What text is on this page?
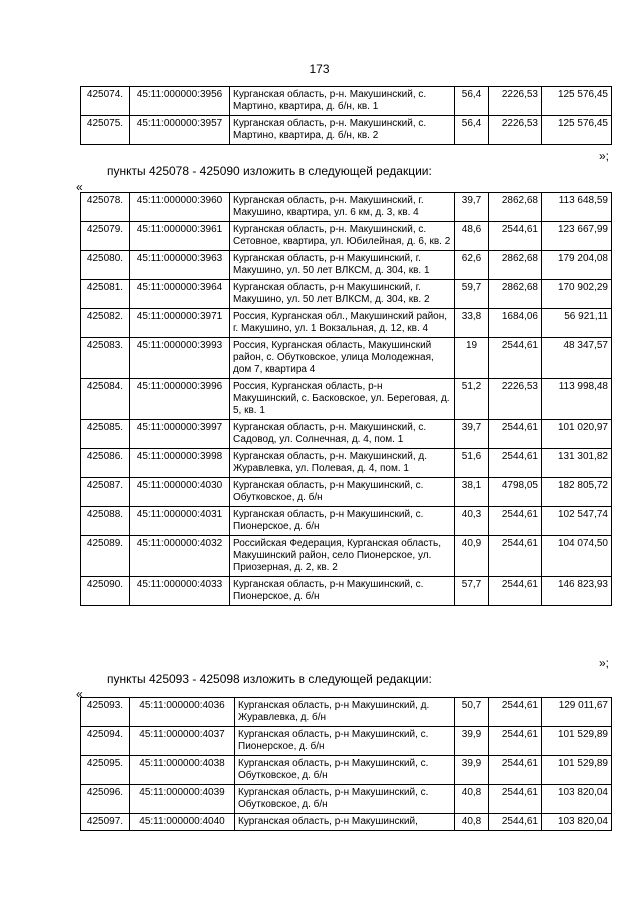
173
425074.	45:11:000000:3956	Курганская область, р-н. Макушинский, с. Мартино, квартира, д. б/н, кв. 1	56,4	2226,53	125 576,45
425075.	45:11:000000:3957	Курганская область, р-н. Макушинский, с. Мартино, квартира, д. б/н, кв. 2	56,4	2226,53	125 576,45
»;
пункты 425078 - 425090 изложить в следующей редакции:
«
425078.	45:11:000000:3960	Курганская область, р-н. Макушинский, г. Макушино, квартира, ул. 6 км, д. 3, кв. 4	39,7	2862,68	113 648,59
425079.	45:11:000000:3961	Курганская область, р-н. Макушинский, с. Сетовное, квартира, ул. Юбилейная, д. 6, кв. 2	48,6	2544,61	123 667,99
425080.	45:11:000000:3963	Курганская область, р-н Макушинский, г. Макушино, ул. 50 лет ВЛКСМ, д. 304, кв. 1	62,6	2862,68	179 204,08
425081.	45:11:000000:3964	Курганская область, р-н Макушинский, г. Макушино, ул. 50 лет ВЛКСМ, д. 304, кв. 2	59,7	2862,68	170 902,29
425082.	45:11:000000:3971	Россия, Курганская обл., Макушинский район, г. Макушино, ул. 1 Вокзальная, д. 12, кв. 4	33,8	1684,06	56 921,11
425083.	45:11:000000:3993	Россия, Курганская область, Макушинский район, с. Обутковское, улица Молодежная, дом 7, квартира 4	19	2544,61	48 347,57
425084.	45:11:000000:3996	Россия, Курганская область, р-н Макушинский, с. Басковское, ул. Береговая, д. 5, кв. 1	51,2	2226,53	113 998,48
425085.	45:11:000000:3997	Курганская область, р-н. Макушинский, с. Садовод, ул. Солнечная, д. 4, пом. 1	39,7	2544,61	101 020,97
425086.	45:11:000000:3998	Курганская область, р-н. Макушинский, д. Журавлевка, ул. Полевая, д. 4, пом. 1	51,6	2544,61	131 301,82
425087.	45:11:000000:4030	Курганская область, р-н Макушинский, с. Обутковское, д. б/н	38,1	4798,05	182 805,72
425088.	45:11:000000:4031	Курганская область, р-н Макушинский, с. Пионерское, д. б/н	40,3	2544,61	102 547,74
425089.	45:11:000000:4032	Российская Федерация, Курганская область, Макушинский район, село Пионерское, ул. Приозерная, д. 2, кв. 2	40,9	2544,61	104 074,50
425090.	45:11:000000:4033	Курганская область, р-н Макушинский, с. Пионерское, д. б/н	57,7	2544,61	146 823,93
»;
пункты 425093 - 425098 изложить в следующей редакции:
«
425093.	45:11:000000:4036	Курганская область, р-н Макушинский, д. Журавлевка, д. б/н	50,7	2544,61	129 011,67
425094.	45:11:000000:4037	Курганская область, р-н Макушинский, с. Пионерское, д. б/н	39,9	2544,61	101 529,89
425095.	45:11:000000:4038	Курганская область, р-н Макушинский, с. Обутковское, д. б/н	39,9	2544,61	101 529,89
425096.	45:11:000000:4039	Курганская область, р-н Макушинский, с. Обутковское, д. б/н	40,8	2544,61	103 820,04
425097.	45:11:000000:4040	Курганская область, р-н Макушинский,	40,8	2544,61	103 820,04
